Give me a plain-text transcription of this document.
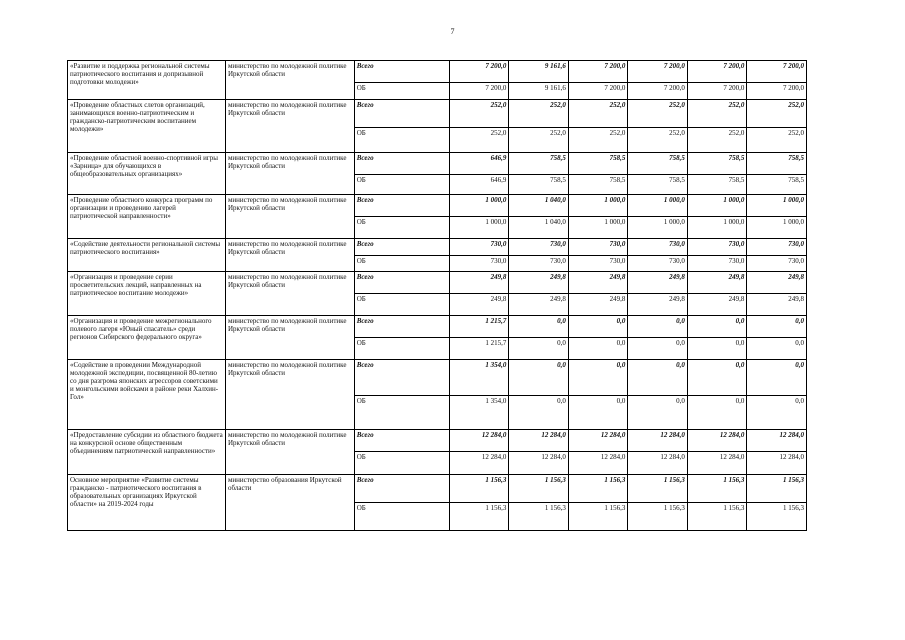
7
«Развитие и поддержка региональной системы патриотического воспитания и допризывной подготовки молодежи»	министерство по молодежной политике Иркутской области	Всего	7 200,0	9 161,6	7 200,0	7 200,0	7 200,0	7 200,0
		ОБ	7 200,0	9 161,6	7 200,0	7 200,0	7 200,0	7 200,0
«Проведение областных слетов организаций, занимающихся военно-патриотическим и гражданско-патриотическим воспитанием молодежи»	министерство по молодежной политике Иркутской области	Всего	252,0	252,0	252,0	252,0	252,0	252,0
		ОБ	252,0	252,0	252,0	252,0	252,0	252,0
«Проведение областной военно-спортивной игры «Зарница» для обучающихся в общеобразовательных организациях»	министерство по молодежной политике Иркутской области	Всего	646,9	758,5	758,5	758,5	758,5	758,5
		ОБ	646,9	758,5	758,5	758,5	758,5	758,5
«Проведение областного конкурса программ по организации и проведению лагерей патриотической направленности»	министерство по молодежной политике Иркутской области	Всего	1 000,0	1 040,0	1 000,0	1 000,0	1 000,0	1 000,0
		ОБ	1 000,0	1 040,0	1 000,0	1 000,0	1 000,0	1 000,0
«Содействие деятельности региональной системы патриотического воспитания»	министерство по молодежной политике Иркутской области	Всего	730,0	730,0	730,0	730,0	730,0	730,0
		ОБ	730,0	730,0	730,0	730,0	730,0	730,0
«Организация и проведение серии просветительских лекций, направленных на патриотическое воспитание молодежи»	министерство по молодежной политике Иркутской области	Всего	249,8	249,8	249,8	249,8	249,8	249,8
		ОБ	249,8	249,8	249,8	249,8	249,8	249,8
«Организация и проведение межрегионального полевого лагеря «Юный спасатель» среди регионов Сибирского федерального округа»	министерство по молодежной политике Иркутской области	Всего	1 215,7	0,0	0,0	0,0	0,0	0,0
		ОБ	1 215,7	0,0	0,0	0,0	0,0	0,0
«Содействие в проведении Международной молодежной экспедиции, посвященной 80-летию со дня разгрома японских агрессоров советскими и монгольскими войсками в районе реки Халхин-Гол»	министерство по молодежной политике Иркутской области	Всего	1 354,0	0,0	0,0	0,0	0,0	0,0
		ОБ	1 354,0	0,0	0,0	0,0	0,0	0,0
«Предоставление субсидии из областного бюджета на конкурсной основе общественным объединениям патриотической направленности»	министерство по молодежной политике Иркутской области	Всего	12 284,0	12 284,0	12 284,0	12 284,0	12 284,0	12 284,0
		ОБ	12 284,0	12 284,0	12 284,0	12 284,0	12 284,0	12 284,0
Основное мероприятие «Развитие системы гражданско - патриотического воспитания в образовательных организациях Иркутской области» на 2019-2024 годы	министерство образования Иркутской области	Всего	1 156,3	1 156,3	1 156,3	1 156,3	1 156,3	1 156,3
		ОБ	1 156,3	1 156,3	1 156,3	1 156,3	1 156,3	1 156,3
